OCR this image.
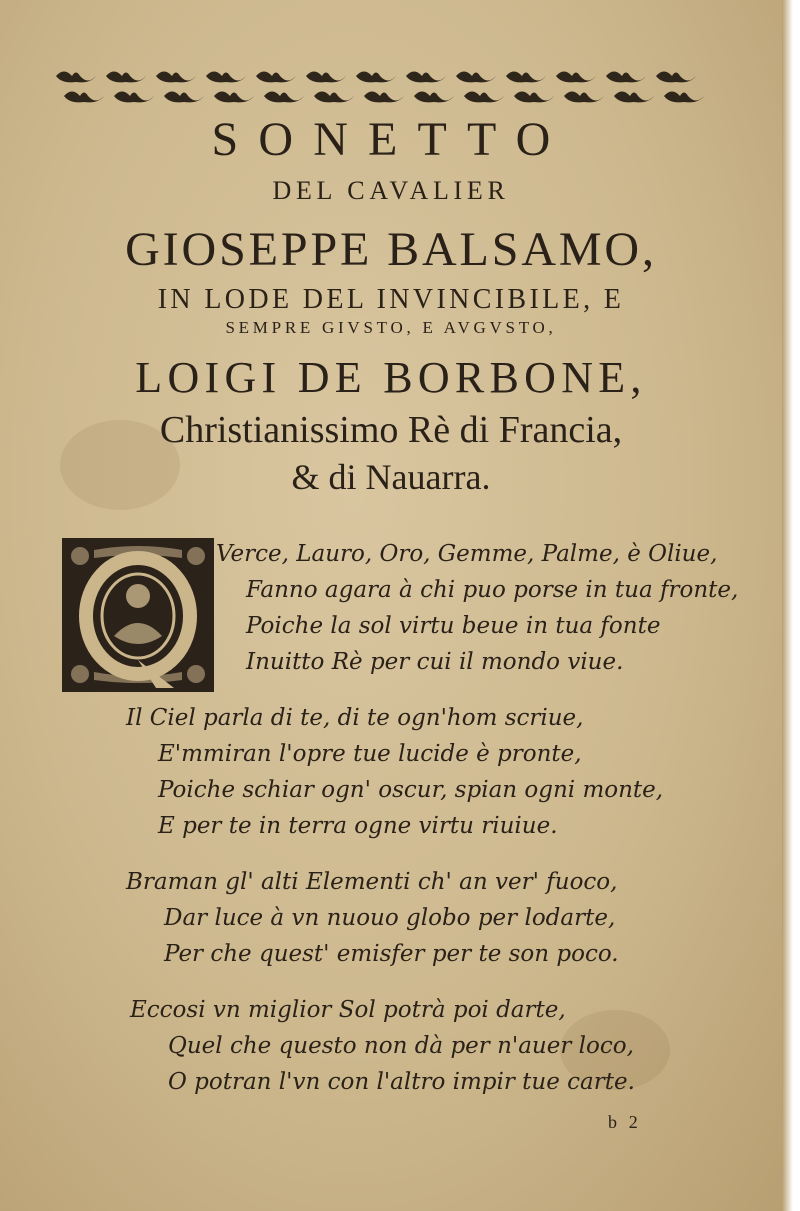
SONETTO
DEL CAVALIER
GIOSEPPE BALSAMO,
IN LODE DEL INVINCIBILE, E
SEMPRE GIVSTO, E AVGVSTO,
LOIGI DE BORBONE,
Christianissimo Rè di Francia,
& di Nauarra.
Verce, Lauro, Oro, Gemme, Palme, è Oliue,
Fanno agara à chi puo porse in tua fronte,
Poiche la sol virtu beue in tua fonte
Inuitto Rè per cui il mondo viue.
Il Ciel parla di te, di te ogn'hom scriue,
E'mmiran l'opre tue lucide è pronte,
Poiche schiar ogn' oscur, spian ogni monte,
E per te in terra ogne virtu riuiue.
Braman gl' alti Elementi ch' an ver' fuoco,
Dar luce à vn nuouo globo per lodarte,
Per che quest' emisfer per te son poco.
Eccosi vn miglior Sol potrà poi darte,
Quel che questo non dà per n'auer loco,
O potran l'vn con l'altro impir tue carte.
b 2
